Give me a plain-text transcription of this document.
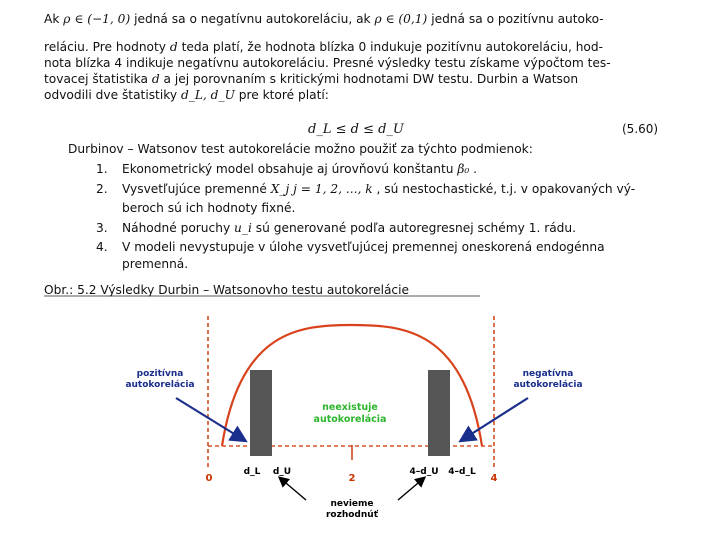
Ak ρ ∈ (−1, 0) jedná sa o negatívnu autokoreláciu, ak ρ ∈ (0,1) jedná sa o pozitívnu autoko-
reláciu. Pre hodnoty d teda platí, že hodnota blízka 0 indukuje pozitívnu autokoreláciu, hod-
nota blízka 4 indikuje negatívnu autokoreláciu. Presné výsledky testu získame výpočtom tes-
tovacej štatistika d a jej porovnaním s kritickými hodnotami DW testu. Durbin a Watson
odvodili dve štatistiky d_L, d_U pre ktoré platí:
d_L ≤ d ≤ d_U	(5.60)
Durbinov – Watsonov test autokorelácie možno použiť za týchto podmienok:
1. Ekonometrický model obsahuje aj úrovňovú konštantu β₀ .
2. Vysvetľujúce premenné X_j j = 1, 2, ..., k , sú nestochastické, t.j. v opakovaných vý-
beroch sú ich hodnoty fixné.
3. Náhodné poruchy u_i sú generované podľa autoregresnej schémy 1. rádu.
4. V modeli nevystupuje v úlohe vysvetľujúcej premennej oneskorená endogénna
premenná.
Obr.: 5.2 Výsledky Durbin – Watsonovho testu autokorelácie
pozitívna
autokorelácia
negatívna
autokorelácia
neexistuje
autokorelácia
nevieme
rozhodnúť
0
d_L d_U
2
4–d_U 4–d_L
4
